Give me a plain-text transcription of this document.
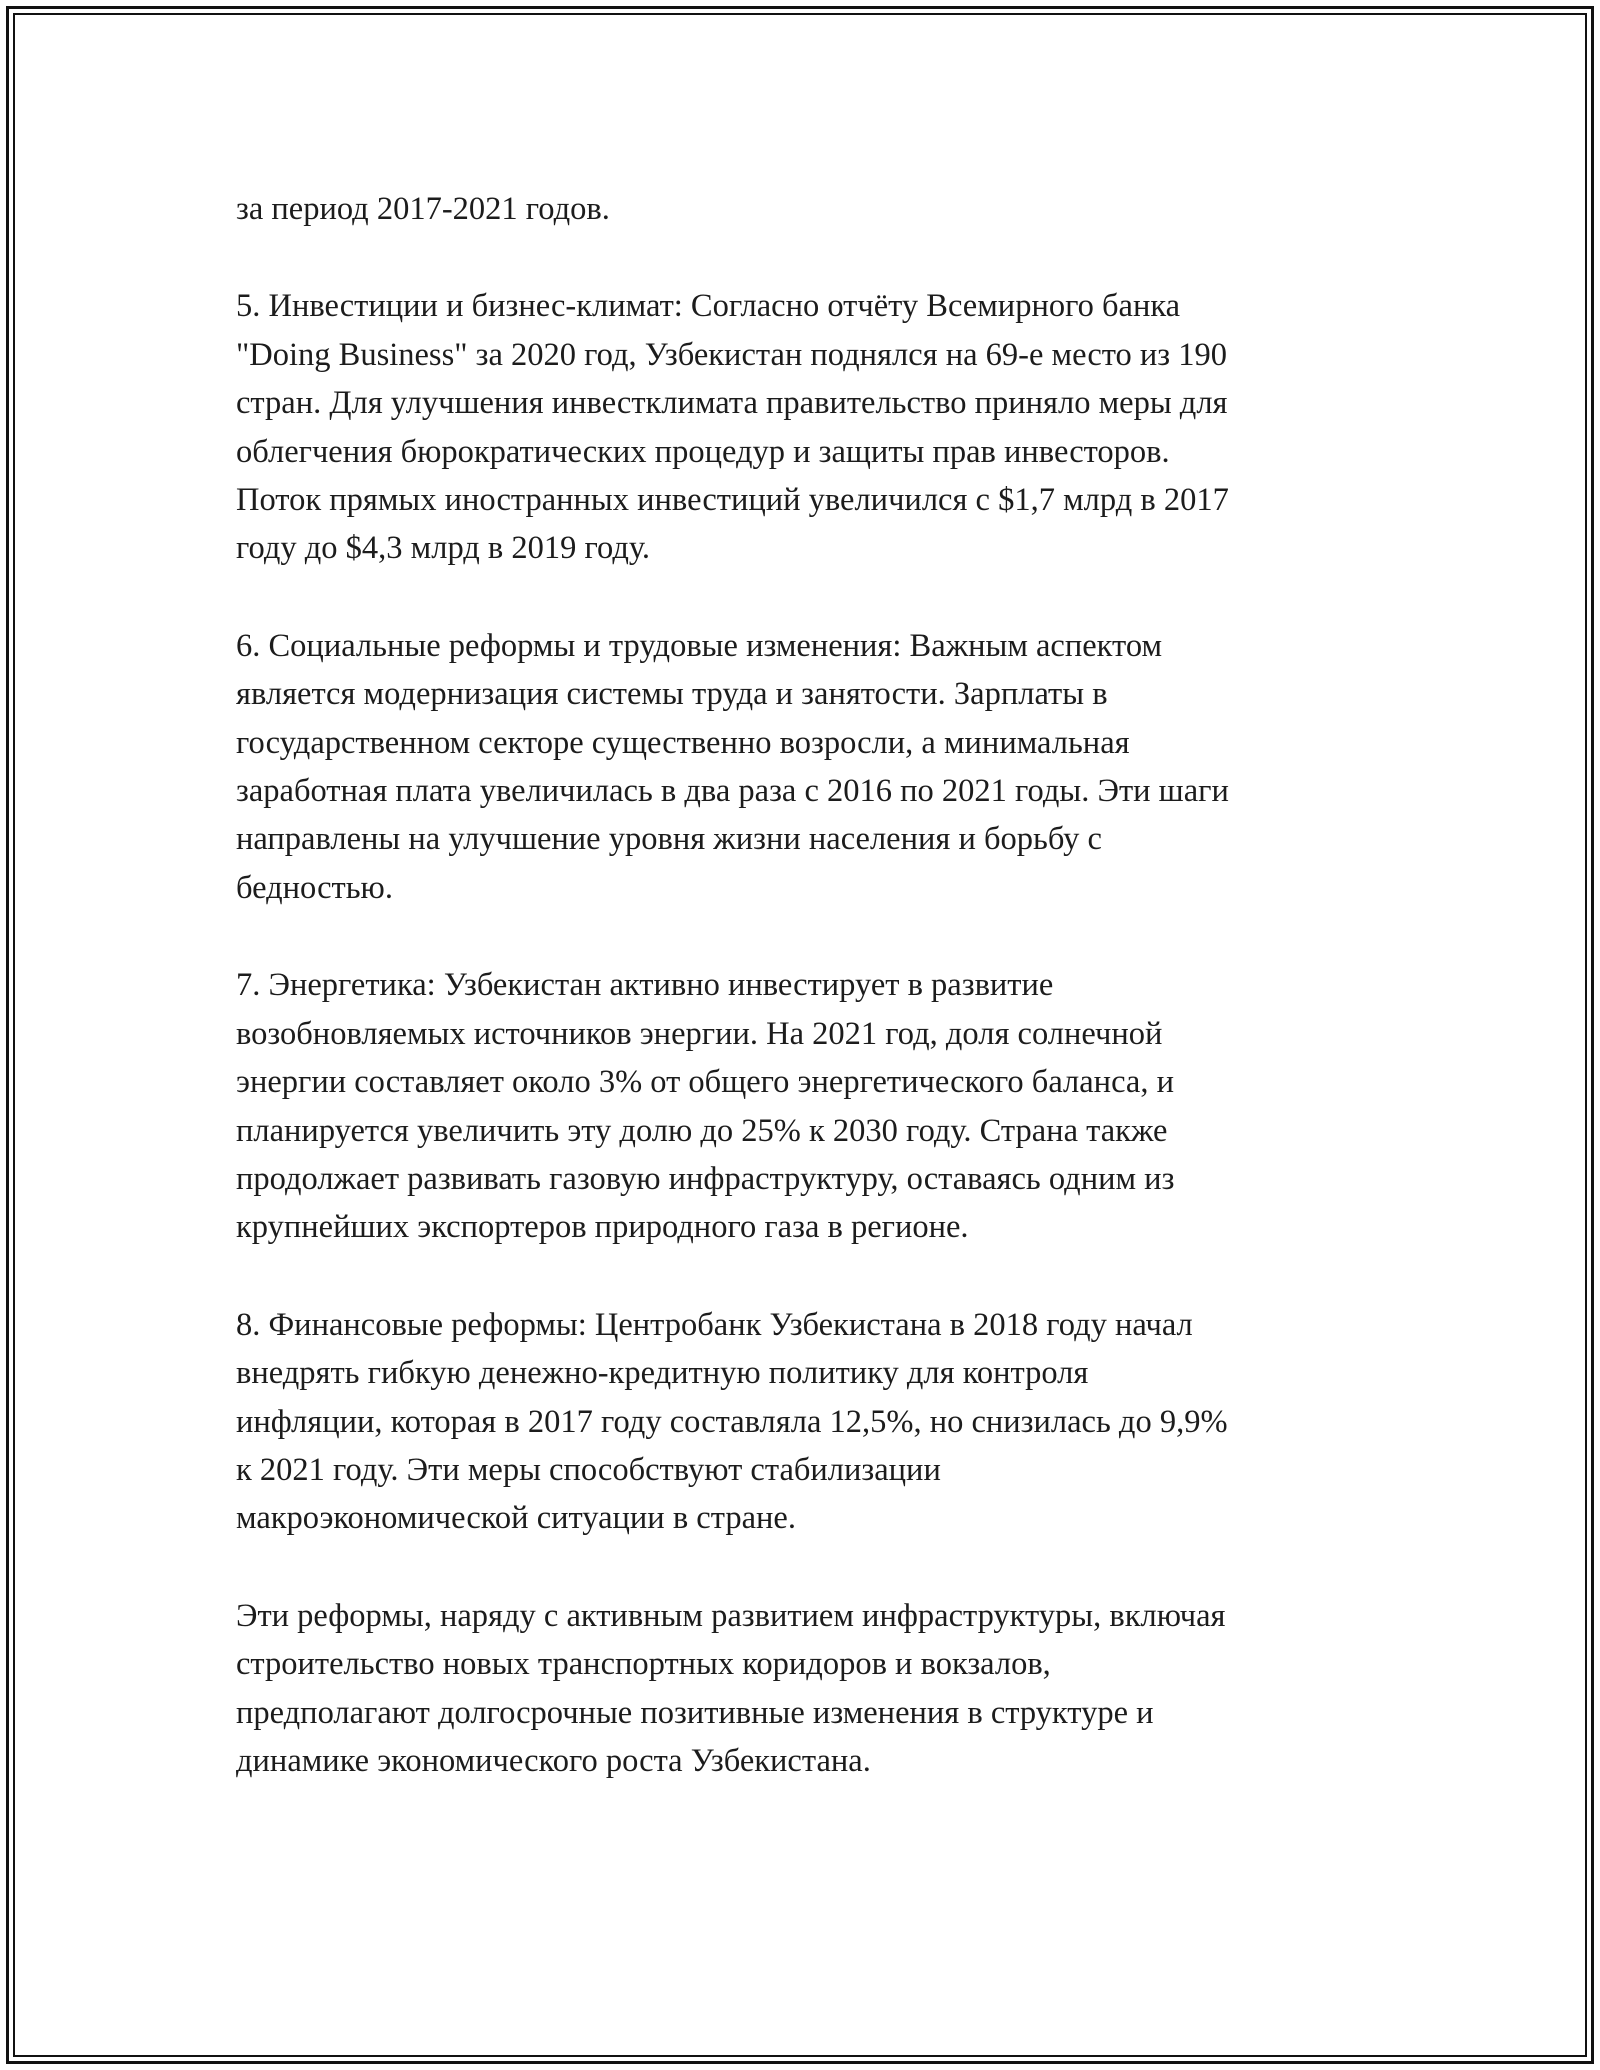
за период 2017-2021 годов.

5. Инвестиции и бизнес-климат: Согласно отчёту Всемирного банка
"Doing Business" за 2020 год, Узбекистан поднялся на 69-е место из 190
стран. Для улучшения инвестклимата правительство приняло меры для
облегчения бюрократических процедур и защиты прав инвесторов.
Поток прямых иностранных инвестиций увеличился с $1,7 млрд в 2017
году до $4,3 млрд в 2019 году.

6. Социальные реформы и трудовые изменения: Важным аспектом
является модернизация системы труда и занятости. Зарплаты в
государственном секторе существенно возросли, а минимальная
заработная плата увеличилась в два раза с 2016 по 2021 годы. Эти шаги
направлены на улучшение уровня жизни населения и борьбу с
бедностью.

7. Энергетика: Узбекистан активно инвестирует в развитие
возобновляемых источников энергии. На 2021 год, доля солнечной
энергии составляет около 3% от общего энергетического баланса, и
планируется увеличить эту долю до 25% к 2030 году. Страна также
продолжает развивать газовую инфраструктуру, оставаясь одним из
крупнейших экспортеров природного газа в регионе.

8. Финансовые реформы: Центробанк Узбекистана в 2018 году начал
внедрять гибкую денежно-кредитную политику для контроля
инфляции, которая в 2017 году составляла 12,5%, но снизилась до 9,9%
к 2021 году. Эти меры способствуют стабилизации
макроэкономической ситуации в стране.

Эти реформы, наряду с активным развитием инфраструктуры, включая
строительство новых транспортных коридоров и вокзалов,
предполагают долгосрочные позитивные изменения в структуре и
динамике экономического роста Узбекистана.
